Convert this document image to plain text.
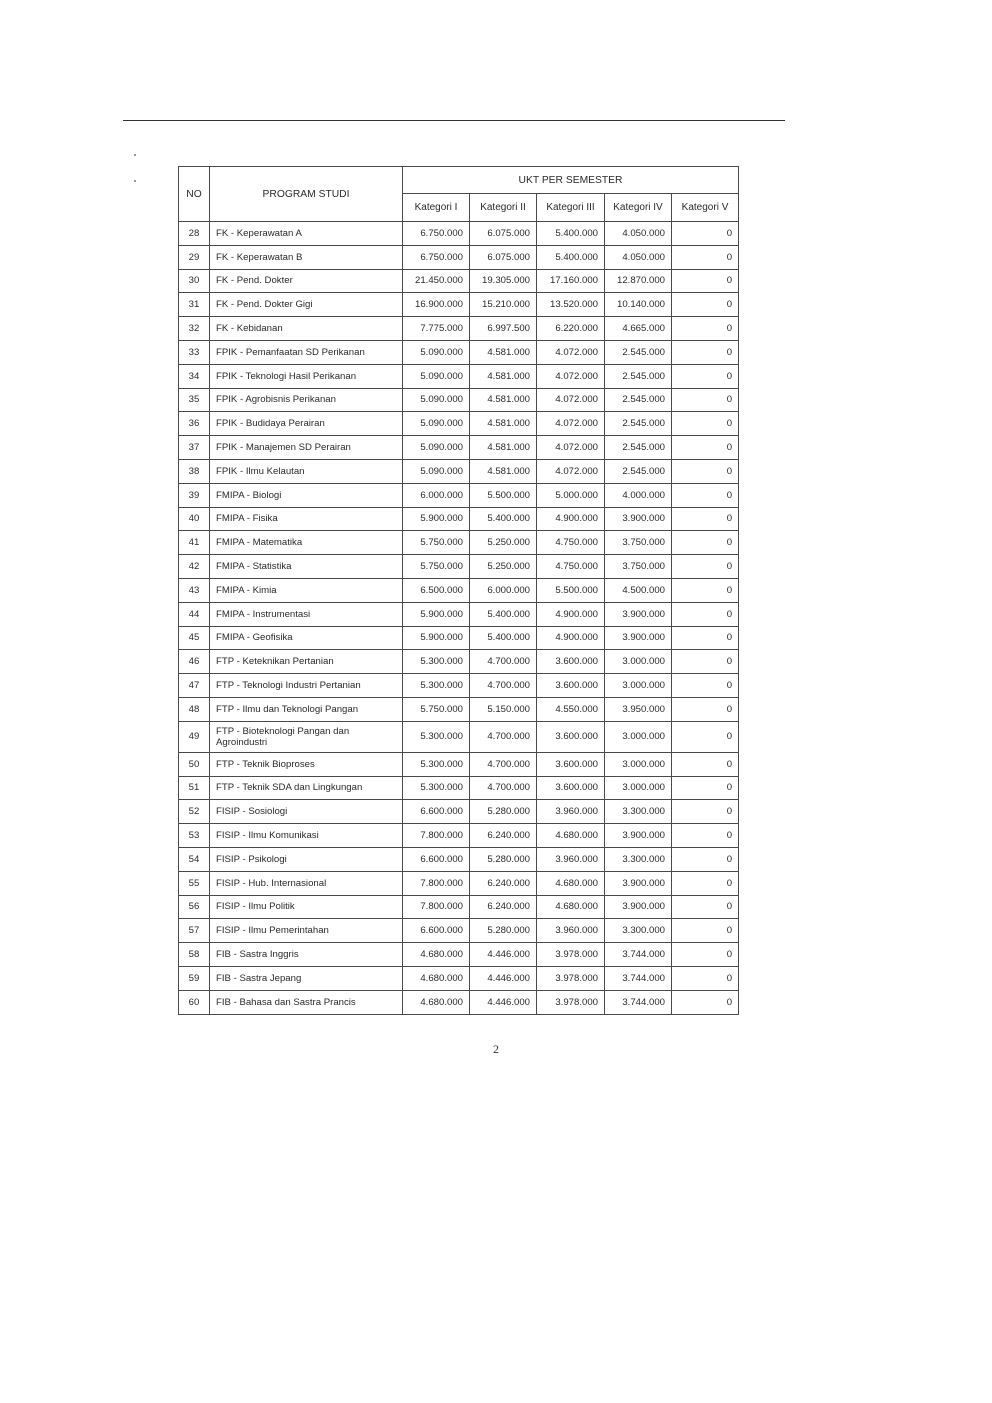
NO	PROGRAM STUDI	UKT PER SEMESTER				
		Kategori I	Kategori II	Kategori III	Kategori IV	Kategori V
28	FK - Keperawatan A	6.750.000	6.075.000	5.400.000	4.050.000	0
29	FK - Keperawatan B	6.750.000	6.075.000	5.400.000	4.050.000	0
30	FK - Pend. Dokter	21.450.000	19.305.000	17.160.000	12.870.000	0
31	FK - Pend. Dokter Gigi	16.900.000	15.210.000	13.520.000	10.140.000	0
32	FK - Kebidanan	7.775.000	6.997.500	6.220.000	4.665.000	0
33	FPIK - Pemanfaatan SD Perikanan	5.090.000	4.581.000	4.072.000	2.545.000	0
34	FPIK - Teknologi Hasil Perikanan	5.090.000	4.581.000	4.072.000	2.545.000	0
35	FPIK - Agrobisnis Perikanan	5.090.000	4.581.000	4.072.000	2.545.000	0
36	FPIK - Budidaya Perairan	5.090.000	4.581.000	4.072.000	2.545.000	0
37	FPIK - Manajemen SD Perairan	5.090.000	4.581.000	4.072.000	2.545.000	0
38	FPIK - Ilmu Kelautan	5.090.000	4.581.000	4.072.000	2.545.000	0
39	FMIPA - Biologi	6.000.000	5.500.000	5.000.000	4.000.000	0
40	FMIPA - Fisika	5.900.000	5.400.000	4.900.000	3.900.000	0
41	FMIPA - Matematika	5.750.000	5.250.000	4.750.000	3.750.000	0
42	FMIPA - Statistika	5.750.000	5.250.000	4.750.000	3.750.000	0
43	FMIPA - Kimia	6.500.000	6.000.000	5.500.000	4.500.000	0
44	FMIPA - Instrumentasi	5.900.000	5.400.000	4.900.000	3.900.000	0
45	FMIPA - Geofisika	5.900.000	5.400.000	4.900.000	3.900.000	0
46	FTP - Keteknikan Pertanian	5.300.000	4.700.000	3.600.000	3.000.000	0
47	FTP - Teknologi Industri Pertanian	5.300.000	4.700.000	3.600.000	3.000.000	0
48	FTP - Ilmu dan Teknologi Pangan	5.750.000	5.150.000	4.550.000	3.950.000	0
49	FTP - Bioteknologi Pangan dan Agroindustri	5.300.000	4.700.000	3.600.000	3.000.000	0
50	FTP - Teknik Bioproses	5.300.000	4.700.000	3.600.000	3.000.000	0
51	FTP - Teknik SDA dan Lingkungan	5.300.000	4.700.000	3.600.000	3.000.000	0
52	FISIP - Sosiologi	6.600.000	5.280.000	3.960.000	3.300.000	0
53	FISIP - Ilmu Komunikasi	7.800.000	6.240.000	4.680.000	3.900.000	0
54	FISIP - Psikologi	6.600.000	5.280.000	3.960.000	3.300.000	0
55	FISIP - Hub. Internasional	7.800.000	6.240.000	4.680.000	3.900.000	0
56	FISIP - Ilmu Politik	7.800.000	6.240.000	4.680.000	3.900.000	0
57	FISIP - Ilmu Pemerintahan	6.600.000	5.280.000	3.960.000	3.300.000	0
58	FIB - Sastra Inggris	4.680.000	4.446.000	3.978.000	3.744.000	0
59	FIB - Sastra Jepang	4.680.000	4.446.000	3.978.000	3.744.000	0
60	FIB - Bahasa dan Sastra Prancis	4.680.000	4.446.000	3.978.000	3.744.000	0
2
